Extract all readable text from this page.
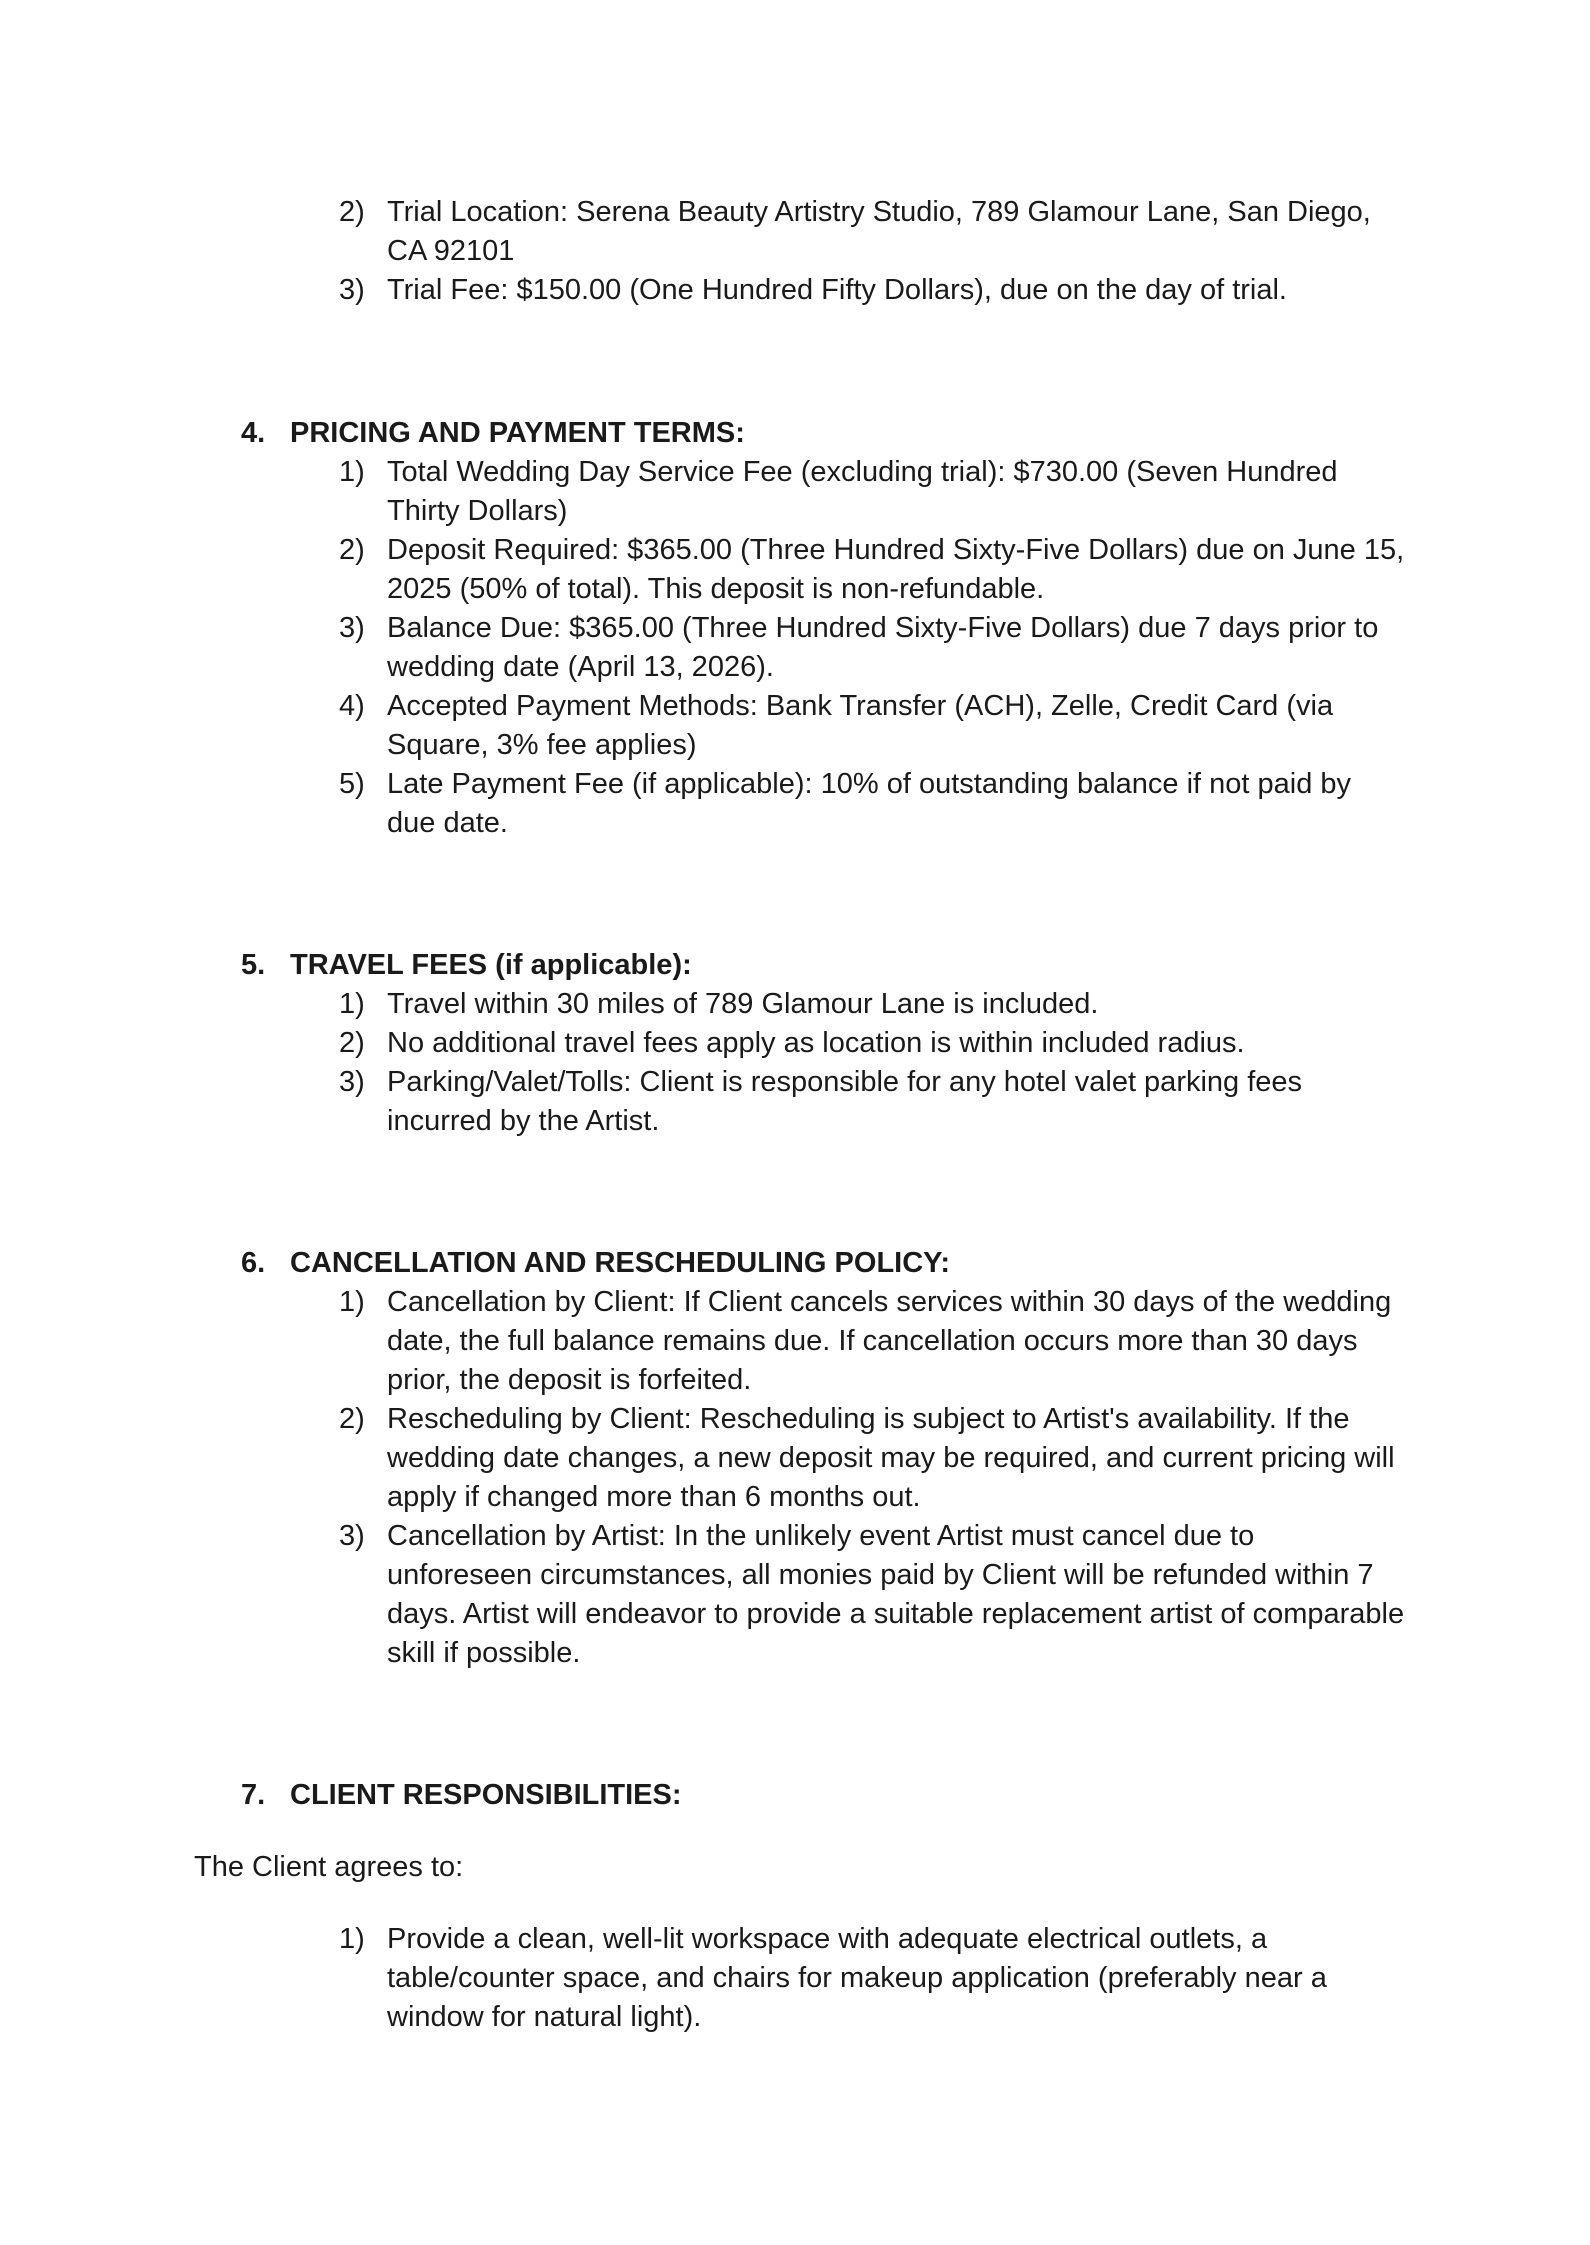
2) Trial Location: Serena Beauty Artistry Studio, 789 Glamour Lane, San Diego, CA 92101
3) Trial Fee: $150.00 (One Hundred Fifty Dollars), due on the day of trial.
4. PRICING AND PAYMENT TERMS:
1) Total Wedding Day Service Fee (excluding trial): $730.00 (Seven Hundred Thirty Dollars)
2) Deposit Required: $365.00 (Three Hundred Sixty-Five Dollars) due on June 15, 2025 (50% of total). This deposit is non-refundable.
3) Balance Due: $365.00 (Three Hundred Sixty-Five Dollars) due 7 days prior to wedding date (April 13, 2026).
4) Accepted Payment Methods: Bank Transfer (ACH), Zelle, Credit Card (via Square, 3% fee applies)
5) Late Payment Fee (if applicable): 10% of outstanding balance if not paid by due date.
5. TRAVEL FEES (if applicable):
1) Travel within 30 miles of 789 Glamour Lane is included.
2) No additional travel fees apply as location is within included radius.
3) Parking/Valet/Tolls: Client is responsible for any hotel valet parking fees incurred by the Artist.
6. CANCELLATION AND RESCHEDULING POLICY:
1) Cancellation by Client: If Client cancels services within 30 days of the wedding date, the full balance remains due. If cancellation occurs more than 30 days prior, the deposit is forfeited.
2) Rescheduling by Client: Rescheduling is subject to Artist's availability. If the wedding date changes, a new deposit may be required, and current pricing will apply if changed more than 6 months out.
3) Cancellation by Artist: In the unlikely event Artist must cancel due to unforeseen circumstances, all monies paid by Client will be refunded within 7 days. Artist will endeavor to provide a suitable replacement artist of comparable skill if possible.
7. CLIENT RESPONSIBILITIES:
The Client agrees to:
1) Provide a clean, well-lit workspace with adequate electrical outlets, a table/counter space, and chairs for makeup application (preferably near a window for natural light).
